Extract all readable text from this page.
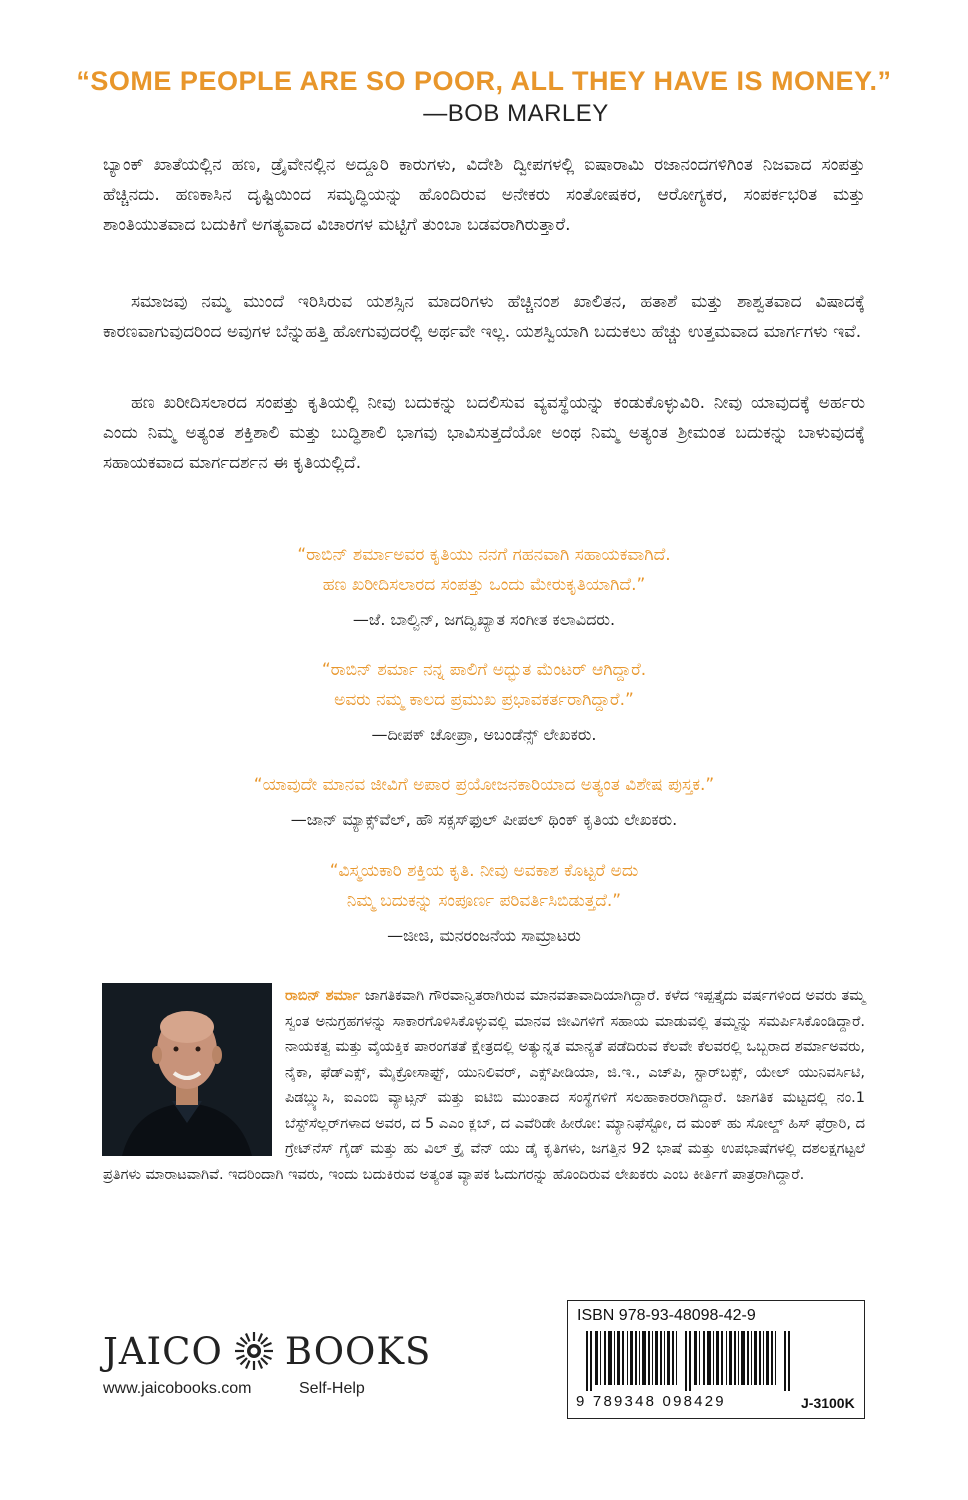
“SOME PEOPLE ARE SO POOR, ALL THEY HAVE IS MONEY.”
—BOB MARLEY

ಬ್ಯಾಂಕ್ ಖಾತೆಯಲ್ಲಿನ ಹಣ, ಡ್ರೈವೇನಲ್ಲಿನ ಅದ್ದೂರಿ ಕಾರುಗಳು, ವಿದೇಶಿ ದ್ವೀಪಗಳಲ್ಲಿ ಐಷಾರಾಮಿ ರಜಾನಂದಗಳಿಗಿಂತ ನಿಜವಾದ ಸಂಪತ್ತು ಹೆಚ್ಚಿನದು. ಹಣಕಾಸಿನ ದೃಷ್ಟಿಯಿಂದ ಸಮೃದ್ಧಿಯನ್ನು ಹೊಂದಿರುವ ಅನೇಕರು ಸಂತೋಷಕರ, ಆರೋಗ್ಯಕರ, ಸಂಪರ್ಕಭರಿತ ಮತ್ತು ಶಾಂತಿಯುತವಾದ ಬದುಕಿಗೆ ಅಗತ್ಯವಾದ ವಿಚಾರಗಳ ಮಟ್ಟಿಗೆ ತುಂಬಾ ಬಡವರಾಗಿರುತ್ತಾರೆ.

ಸಮಾಜವು ನಮ್ಮ ಮುಂದೆ ಇರಿಸಿರುವ ಯಶಸ್ಸಿನ ಮಾದರಿಗಳು ಹೆಚ್ಚಿನಂಶ ಖಾಲಿತನ, ಹತಾಶೆ ಮತ್ತು ಶಾಶ್ವತವಾದ ವಿಷಾದಕ್ಕೆ ಕಾರಣವಾಗುವುದರಿಂದ ಅವುಗಳ ಬೆನ್ನುಹತ್ತಿ ಹೋಗುವುದರಲ್ಲಿ ಅರ್ಥವೇ ಇಲ್ಲ. ಯಶಸ್ವಿಯಾಗಿ ಬದುಕಲು ಹೆಚ್ಚು ಉತ್ತಮವಾದ ಮಾರ್ಗಗಳು ಇವೆ.

ಹಣ ಖರೀದಿಸಲಾರದ ಸಂಪತ್ತು ಕೃತಿಯಲ್ಲಿ ನೀವು ಬದುಕನ್ನು ಬದಲಿಸುವ ವ್ಯವಸ್ಥೆಯನ್ನು ಕಂಡುಕೊಳ್ಳುವಿರಿ. ನೀವು ಯಾವುದಕ್ಕೆ ಅರ್ಹರು ಎಂದು ನಿಮ್ಮ ಅತ್ಯಂತ ಶಕ್ತಿಶಾಲಿ ಮತ್ತು ಬುದ್ಧಿಶಾಲಿ ಭಾಗವು ಭಾವಿಸುತ್ತದೆಯೋ ಅಂಥ ನಿಮ್ಮ ಅತ್ಯಂತ ಶ್ರೀಮಂತ ಬದುಕನ್ನು ಬಾಳುವುದಕ್ಕೆ ಸಹಾಯಕವಾದ ಮಾರ್ಗದರ್ಶನ ಈ ಕೃತಿಯಲ್ಲಿದೆ.

“ರಾಬಿನ್ ಶರ್ಮಾಅವರ ಕೃತಿಯು ನನಗೆ ಗಹನವಾಗಿ ಸಹಾಯಕವಾಗಿದೆ.
ಹಣ ಖರೀದಿಸಲಾರದ ಸಂಪತ್ತು ಒಂದು ಮೇರುಕೃತಿಯಾಗಿದೆ.”

—ಜೆ. ಬಾಲ್ವಿನ್, ಜಗದ್ವಿಖ್ಯಾತ ಸಂಗೀತ ಕಲಾವಿದರು.

“ರಾಬಿನ್ ಶರ್ಮಾ ನನ್ನ ಪಾಲಿಗೆ ಅದ್ಭುತ ಮೆಂಟರ್ ಆಗಿದ್ದಾರೆ.
ಅವರು ನಮ್ಮ ಕಾಲದ ಪ್ರಮುಖ ಪ್ರಭಾವಕರ್ತರಾಗಿದ್ದಾರೆ.”

—ದೀಪಕ್ ಚೋಪ್ರಾ, ಅಬಂಡೆನ್ಸ್ ಲೇಖಕರು.

“ಯಾವುದೇ ಮಾನವ ಜೀವಿಗೆ ಅಪಾರ ಪ್ರಯೋಜನಕಾರಿಯಾದ ಅತ್ಯಂತ ವಿಶೇಷ ಪುಸ್ತಕ.”

—ಜಾನ್ ಮ್ಯಾಕ್ಸ್‌ವೆಲ್, ಹೌ ಸಕ್ಸಸ್‌ಫುಲ್ ಪೀಪಲ್ ಥಿಂಕ್ ಕೃತಿಯ ಲೇಖಕರು.

“ವಿಸ್ಮಯಕಾರಿ ಶಕ್ತಿಯ ಕೃತಿ. ನೀವು ಅವಕಾಶ ಕೊಟ್ಟರೆ ಅದು
ನಿಮ್ಮ ಬದುಕನ್ನು ಸಂಪೂರ್ಣ ಪರಿವರ್ತಿಸಿಬಿಡುತ್ತದೆ.”

—ಜೀಜಿ, ಮನರಂಜನೆಯ ಸಾಮ್ರಾಟರು

ರಾಬಿನ್ ಶರ್ಮಾ ಜಾಗತಿಕವಾಗಿ ಗೌರವಾನ್ವಿತರಾಗಿರುವ ಮಾನವತಾವಾದಿಯಾಗಿದ್ದಾರೆ. ಕಳೆದ ಇಪ್ಪತ್ತೈದು ವರ್ಷಗಳಿಂದ ಅವರು ತಮ್ಮ ಸ್ವಂತ ಅನುಗ್ರಹಗಳನ್ನು ಸಾಕಾರಗೊಳಿಸಿಕೊಳ್ಳುವಲ್ಲಿ ಮಾನವ ಜೀವಿಗಳಿಗೆ ಸಹಾಯ ಮಾಡುವಲ್ಲಿ ತಮ್ಮನ್ನು ಸಮರ್ಪಿಸಿಕೊಂಡಿದ್ದಾರೆ. ನಾಯಕತ್ವ ಮತ್ತು ವೈಯಕ್ತಿಕ ಪಾರಂಗತತೆ ಕ್ಷೇತ್ರದಲ್ಲಿ ಅತ್ಯುನ್ನತ ಮಾನ್ಯತೆ ಪಡೆದಿರುವ ಕೆಲವೇ ಕೆಲವರಲ್ಲಿ ಒಬ್ಬರಾದ ಶರ್ಮಾಅವರು, ನೈಕಾ, ಫೆಡ್‌ಎಕ್ಸ್, ಮೈಕ್ರೋಸಾಫ್ಟ್, ಯುನಿಲಿವರ್, ಎಕ್ಸ್‌ಪೀಡಿಯಾ, ಜಿ.ಇ., ಎಚ್‌ಪಿ, ಸ್ಟಾರ್‌ಬಕ್ಸ್, ಯೇಲ್ ಯುನಿವರ್ಸಿಟಿ, ಪಿಡಬ್ಲ್ಯುಸಿ, ಐಎಂಬಿ ವ್ಯಾಟ್ಸನ್ ಮತ್ತು ಐಟಿಬಿ ಮುಂತಾದ ಸಂಸ್ಥೆಗಳಿಗೆ ಸಲಹಾಕಾರರಾಗಿದ್ದಾರೆ. ಜಾಗತಿಕ ಮಟ್ಟದಲ್ಲಿ ನಂ.1 ಬೆಸ್ಟ್‌ಸೆಲ್ಲರ್‌ಗಳಾದ ಅವರ, ದ 5 ಎಎಂ ಕ್ಲಬ್, ದ ಎವೆರಿಡೇ ಹೀರೋ: ಮ್ಯಾನಿಫೆಸ್ಟೋ, ದ ಮಂಕ್ ಹು ಸೋಲ್ಡ್ ಹಿಸ್ ಫೆರ್ರಾರಿ, ದ ಗ್ರೇಟ್‌ನೆಸ್ ಗೈಡ್ ಮತ್ತು ಹು ವಿಲ್ ಕ್ರೈ ವೆನ್ ಯು ಡೈ ಕೃತಿಗಳು, ಜಗತ್ತಿನ 92 ಭಾಷೆ ಮತ್ತು ಉಪಭಾಷೆಗಳಲ್ಲಿ ದಶಲಕ್ಷಗಟ್ಟಲೆ ಪ್ರತಿಗಳು ಮಾರಾಟವಾಗಿವೆ. ಇದರಿಂದಾಗಿ ಇವರು, ಇಂದು ಬದುಕಿರುವ ಅತ್ಯಂತ ವ್ಯಾಪಕ ಓದುಗರನ್ನು ಹೊಂದಿರುವ ಲೇಖಕರು ಎಂಬ ಕೀರ್ತಿಗೆ ಪಾತ್ರರಾಗಿದ್ದಾರೆ.

JAICO BOOKS
www.jaicobooks.com	Self-Help
ISBN 978-93-48098-42-9
9 789348 098429	J-3100K
